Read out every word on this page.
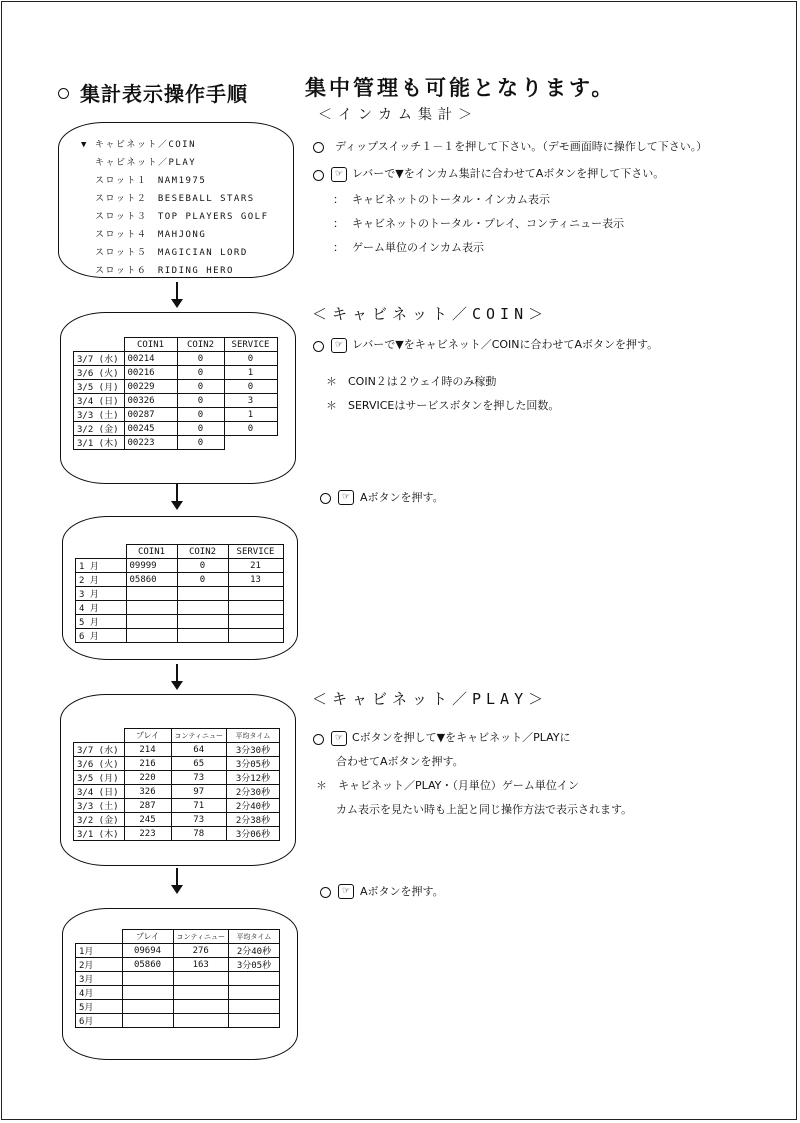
集計表示操作手順	集中管理も可能となります。
＜インカム集計＞
ディップスイッチ１－１を押して下さい。（デモ画面時に操作して下さい。）
☞ レバーで▼をインカム集計に合わせてAボタンを押して下さい。
： キャビネットのトータル・インカム表示
： キャビネットのトータル・プレイ、コンティニュー表示
： ゲーム単位のインカム表示
▼ キャビネット／COIN
キャビネット／PLAY
スロット１　NAM1975
スロット２　BESEBALL STARS
スロット３　TOP PLAYERS GOLF
スロット４　MAHJONG
スロット５　MAGICIAN LORD
スロット６　RIDING HERO
	COIN1	COIN2	SERVICE
3/7 (水)	00214	0	0
3/6 (火)	00216	0	1
3/5 (月)	00229	0	0
3/4 (日)	00326	0	3
3/3 (土)	00287	0	1
3/2 (金)	00245	0	0
3/1 (木)	00223	0	
＜キャビネット／COIN＞
☞ レバーで▼をキャビネット／COINに合わせてAボタンを押す。
＊　COIN２は２ウェイ時のみ稼動
＊　SERVICEはサービスボタンを押した回数。
☞ Aボタンを押す。
	COIN1	COIN2	SERVICE
1 月	09999	0	21
2 月	05860	0	13
3 月			
4 月			
5 月			
6 月			
＜キャビネット／PLAY＞
☞ Cボタンを押して▼をキャビネット／PLAYに
合わせてAボタンを押す。
＊　キャビネット／PLAY・（月単位）ゲーム単位イン
カム表示を見たい時も上記と同じ操作方法で表示されます。
☞ Aボタンを押す。
	プレイ	コンティニュー	平均タイム
3/7 (水)	214	64	3分30秒
3/6 (火)	216	65	3分05秒
3/5 (月)	220	73	3分12秒
3/4 (日)	326	97	2分30秒
3/3 (土)	287	71	2分40秒
3/2 (金)	245	73	2分38秒
3/1 (木)	223	78	3分06秒
	プレイ	コンティニュー	平均タイム
1月	09694	276	2分40秒
2月	05860	163	3分05秒
3月			
4月			
5月			
6月			
